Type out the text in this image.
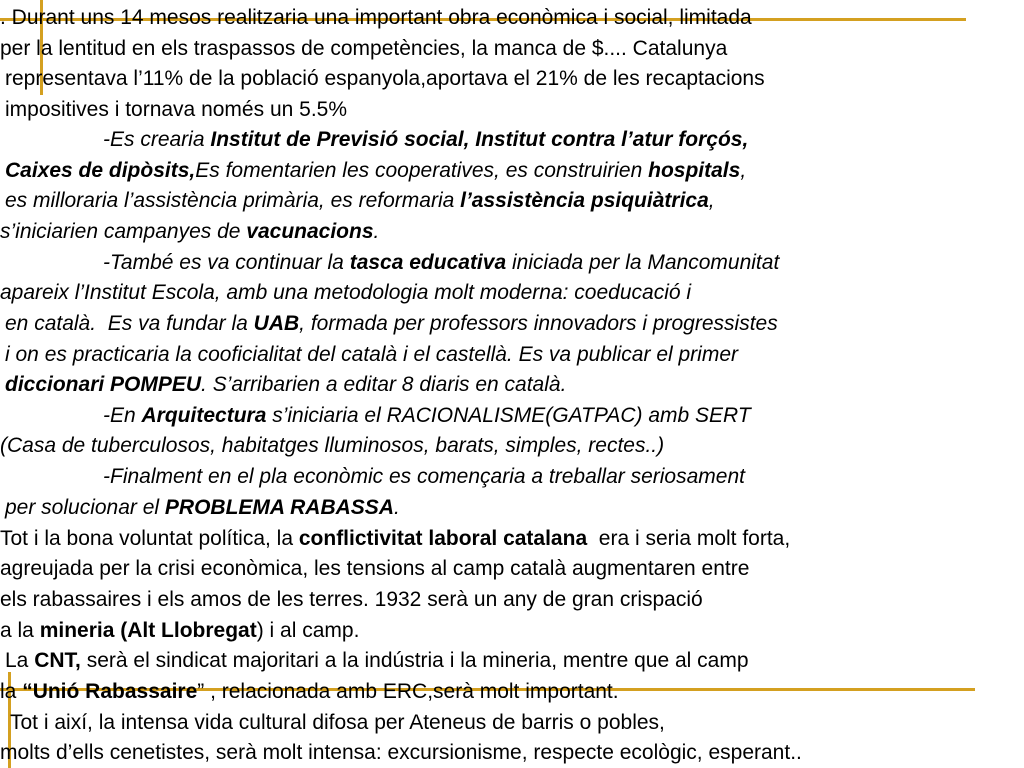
. Durant uns 14 mesos realitzaria una important obra econòmica i social, limitada
per la lentitud en els traspassos de competències, la manca de $.... Catalunya
representava l’11% de la població espanyola,aportava el 21% de les recaptacions
impositives i tornava només un 5.5%
-Es crearia Institut de Previsió social, Institut contra l’atur forçós,
Caixes de dipòsits,Es fomentarien les cooperatives, es construirien hospitals,
es milloraria l’assistència primària, es reformaria l’assistència psiquiàtrica,
s’iniciarien campanyes de vacunacions.
-També es va continuar la tasca educativa iniciada per la Mancomunitat
apareix l’Institut Escola, amb una metodologia molt moderna: coeducació i
en català.  Es va fundar la UAB, formada per professors innovadors i progressistes
i on es practicaria la cooficialitat del català i el castellà. Es va publicar el primer
diccionari POMPEU. S’arribarien a editar 8 diaris en català.
-En Arquitectura s’iniciaria el RACIONALISME(GATPAC) amb SERT
(Casa de tuberculosos, habitatges lluminosos, barats, simples, rectes..)
-Finalment en el pla econòmic es començaria a treballar seriosament
per solucionar el PROBLEMA RABASSA.
Tot i la bona voluntat política, la conflictivitat laboral catalana  era i seria molt forta,
agreujada per la crisi econòmica, les tensions al camp català augmentaren entre
els rabassaires i els amos de les terres. 1932 serà un any de gran crispació
a la mineria (Alt Llobregat) i al camp.
La CNT, serà el sindicat majoritari a la indústria i la mineria, mentre que al camp
la “Unió Rabassaire” , relacionada amb ERC,serà molt important.
Tot i així, la intensa vida cultural difosa per Ateneus de barris o pobles,
molts d’ells cenetistes, serà molt intensa: excursionisme, respecte ecològic, esperant..
